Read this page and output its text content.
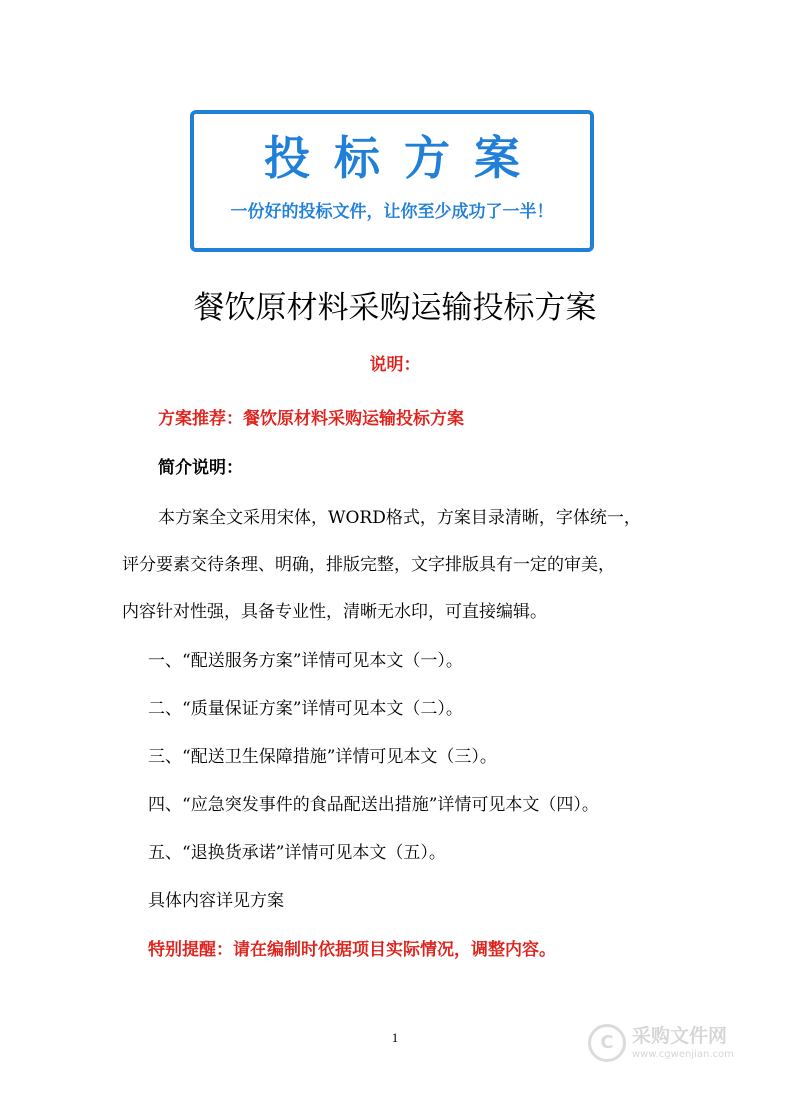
投标方案
一份好的投标文件，让你至少成功了一半！
餐饮原材料采购运输投标方案
说明：
方案推荐：餐饮原材料采购运输投标方案
简介说明：
本方案全文采用宋体，WORD格式，方案目录清晰，字体统一，
评分要素交待条理、明确，排版完整，文字排版具有一定的审美，
内容针对性强，具备专业性，清晰无水印，可直接编辑。
一、“配送服务方案”详情可见本文（一）。
二、“质量保证方案”详情可见本文（二）。
三、“配送卫生保障措施”详情可见本文（三）。
四、“应急突发事件的食品配送出措施”详情可见本文（四）。
五、“退换货承诺”详情可见本文（五）。
具体内容详见方案
特别提醒：请在编制时依据项目实际情况，调整内容。
1	C 采购文件网
www.cgwenjian.com
